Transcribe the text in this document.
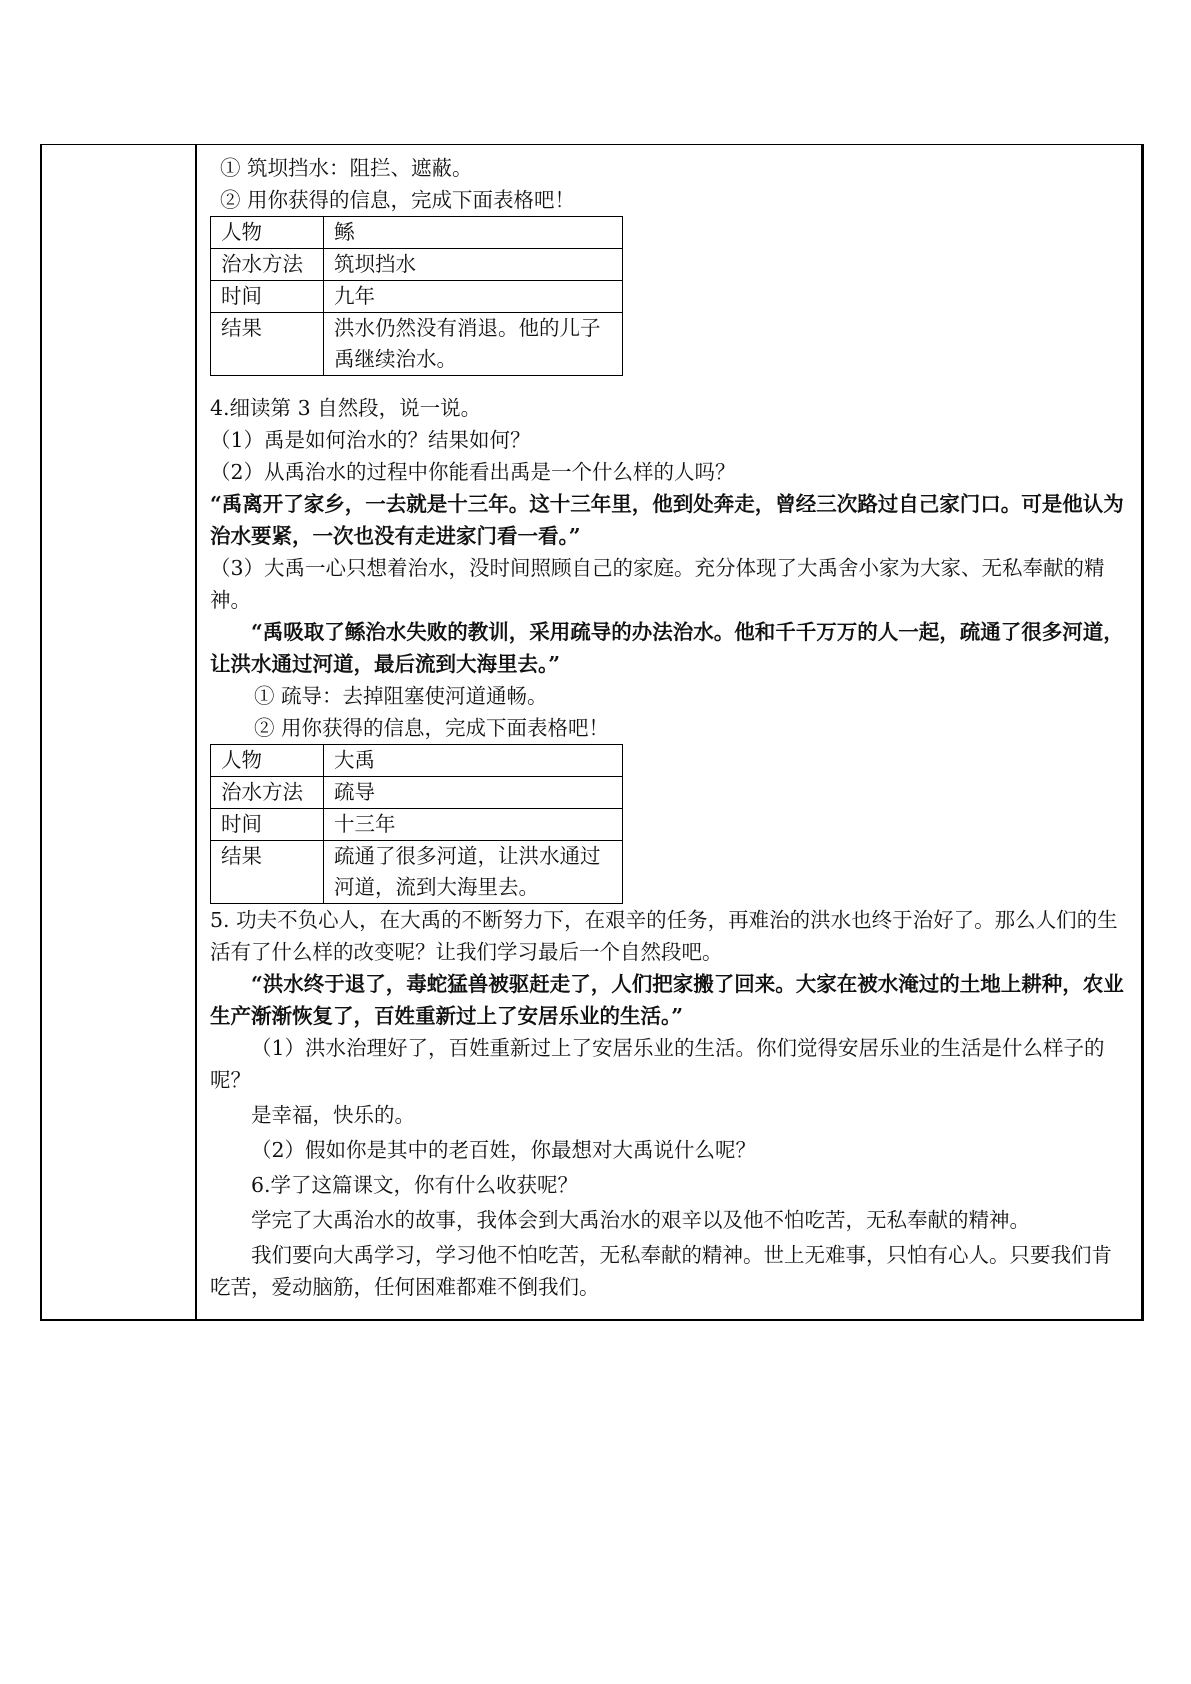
① 筑坝挡水：阻拦、遮蔽。

② 用你获得的信息，完成下面表格吧！

人物	鲧
治水方法	筑坝挡水
时间	九年
结果	洪水仍然没有消退。他的儿子禹继续治水。

4.细读第 3 自然段，说一说。

（1）禹是如何治水的？结果如何？

（2）从禹治水的过程中你能看出禹是一个什么样的人吗？

“禹离开了家乡，一去就是十三年。这十三年里，他到处奔走，曾经三次路过自己家门口。可是他认为治水要紧，一次也没有走进家门看一看。”

（3）大禹一心只想着治水，没时间照顾自己的家庭。充分体现了大禹舍小家为大家、无私奉献的精神。

“禹吸取了鲧治水失败的教训，采用疏导的办法治水。他和千千万万的人一起，疏通了很多河道，让洪水通过河道，最后流到大海里去。”

① 疏导：去掉阻塞使河道通畅。

② 用你获得的信息，完成下面表格吧！

人物	大禹
治水方法	疏导
时间	十三年
结果	疏通了很多河道，让洪水通过河道，流到大海里去。

5. 功夫不负心人，在大禹的不断努力下，在艰辛的任务，再难治的洪水也终于治好了。那么人们的生活有了什么样的改变呢？让我们学习最后一个自然段吧。

“洪水终于退了，毒蛇猛兽被驱赶走了，人们把家搬了回来。大家在被水淹过的土地上耕种，农业生产渐渐恢复了，百姓重新过上了安居乐业的生活。”

（1）洪水治理好了，百姓重新过上了安居乐业的生活。你们觉得安居乐业的生活是什么样子的呢？

是幸福，快乐的。

（2）假如你是其中的老百姓，你最想对大禹说什么呢？

6.学了这篇课文，你有什么收获呢？

学完了大禹治水的故事，我体会到大禹治水的艰辛以及他不怕吃苦，无私奉献的精神。

我们要向大禹学习，学习他不怕吃苦，无私奉献的精神。世上无难事，只怕有心人。只要我们肯吃苦，爱动脑筋，任何困难都难不倒我们。
